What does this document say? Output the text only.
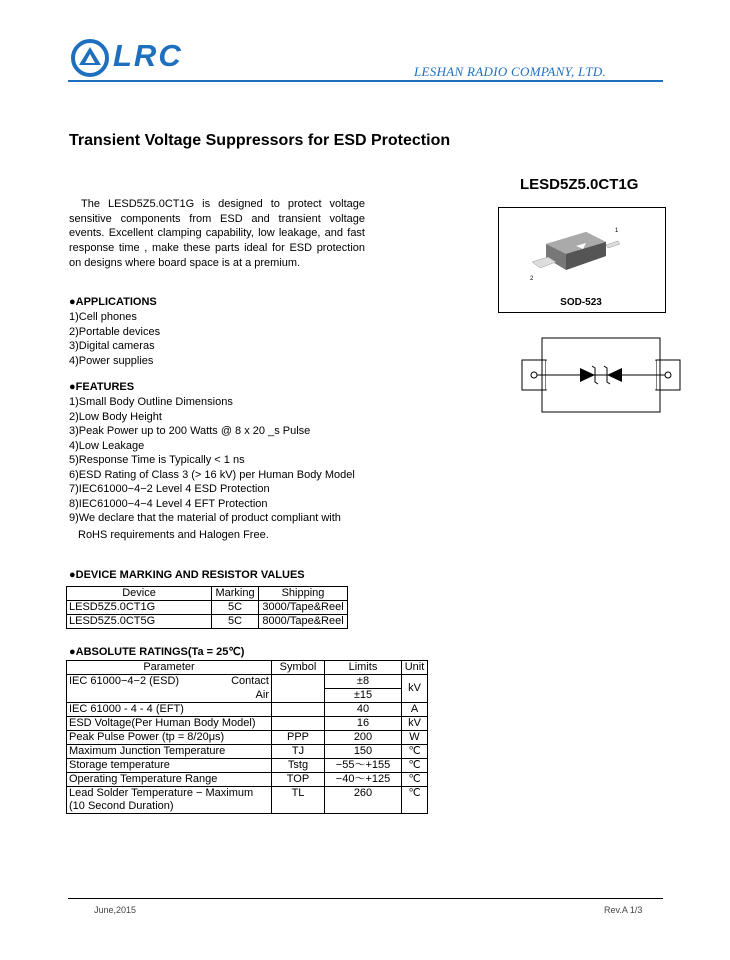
LRC	LESHAN RADIO COMPANY, LTD.
Transient Voltage Suppressors for ESD Protection
LESD5Z5.0CT1G

The LESD5Z5.0CT1G is designed to protect voltage sensitive components from ESD and transient voltage events. Excellent clamping capability, low leakage, and fast response time , make these parts ideal for ESD protection on designs where board space is at a premium.

1
2
SOD-523
●APPLICATIONS
1)Cell phones
2)Portable devices
3)Digital cameras
4)Power supplies
●FEATURES
1)Small Body Outline Dimensions
2)Low Body Height
3)Peak Power up to 200 Watts @ 8 x 20 _s Pulse
4)Low Leakage
5)Response Time is Typically < 1 ns
6)ESD Rating of Class 3 (> 16 kV) per Human Body Model
7)IEC61000−4−2 Level 4 ESD Protection
8)IEC61000−4−4 Level 4 EFT Protection
9)We declare that the material of product compliant with
RoHS requirements and Halogen Free.
●DEVICE MARKING AND RESISTOR VALUES
Device	Marking	Shipping
LESD5Z5.0CT1G	5C	3000/Tape&Reel
LESD5Z5.0CT5G	5C	8000/Tape&Reel
●ABSOLUTE RATINGS(Ta = 25℃)
Parameter	Symbol	Limits	Unit
IEC 61000−4−2 (ESD) Contact		±8	kV
Air		±15	
IEC 61000 - 4 - 4 (EFT)		40	A
ESD Voltage(Per Human Body Model)		16	kV
Peak Pulse Power (tp = 8/20μs)	PPP	200	W
Maximum Junction Temperature	TJ	150	℃
Storage temperature	Tstg	−55～+155	℃
Operating Temperature Range	TOP	−40～+125	℃

Lead Solder Temperature − Maximum
(10 Second Duration)	TL	260	℃
June,2015	Rev.A 1/3
